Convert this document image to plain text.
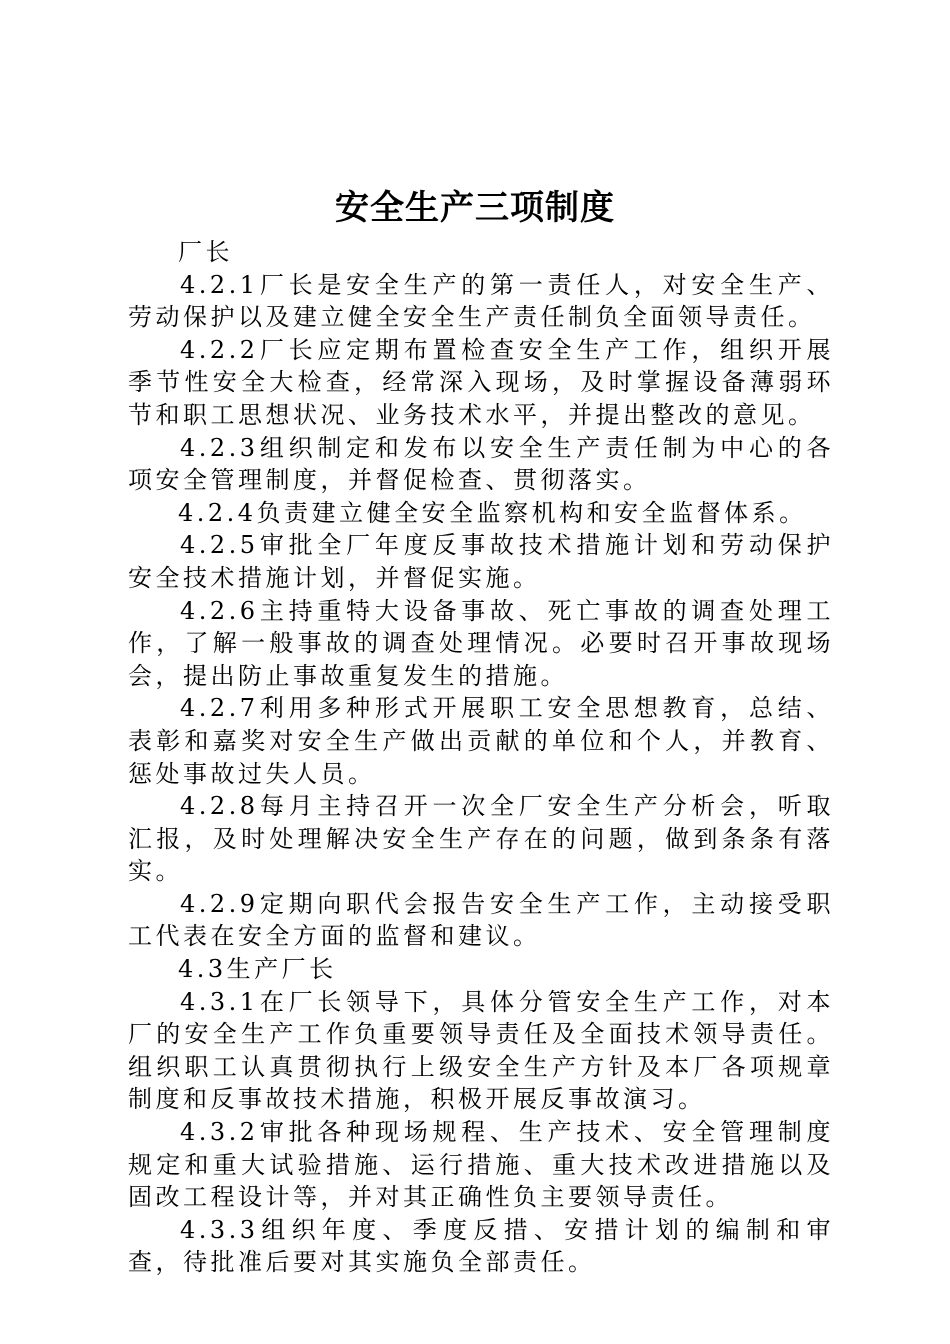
安全生产三项制度

厂长

4.2.1厂长是安全生产的第一责任人，对安全生产、劳动保护以及建立健全安全生产责任制负全面领导责任。

4.2.2厂长应定期布置检查安全生产工作，组织开展季节性安全大检查，经常深入现场，及时掌握设备薄弱环节和职工思想状况、业务技术水平，并提出整改的意见。

4.2.3组织制定和发布以安全生产责任制为中心的各项安全管理制度，并督促检查、贯彻落实。

4.2.4负责建立健全安全监察机构和安全监督体系。

4.2.5审批全厂年度反事故技术措施计划和劳动保护安全技术措施计划，并督促实施。

4.2.6主持重特大设备事故、死亡事故的调查处理工作，了解一般事故的调查处理情况。必要时召开事故现场会，提出防止事故重复发生的措施。

4.2.7利用多种形式开展职工安全思想教育，总结、表彰和嘉奖对安全生产做出贡献的单位和个人，并教育、惩处事故过失人员。

4.2.8每月主持召开一次全厂安全生产分析会，听取汇报，及时处理解决安全生产存在的问题，做到条条有落实。

4.2.9定期向职代会报告安全生产工作，主动接受职工代表在安全方面的监督和建议。

4.3生产厂长

4.3.1在厂长领导下，具体分管安全生产工作，对本厂的安全生产工作负重要领导责任及全面技术领导责任。组织职工认真贯彻执行上级安全生产方针及本厂各项规章制度和反事故技术措施，积极开展反事故演习。

4.3.2审批各种现场规程、生产技术、安全管理制度规定和重大试验措施、运行措施、重大技术改进措施以及固改工程设计等，并对其正确性负主要领导责任。

4.3.3组织年度、季度反措、安措计划的编制和审查，待批准后要对其实施负全部责任。
